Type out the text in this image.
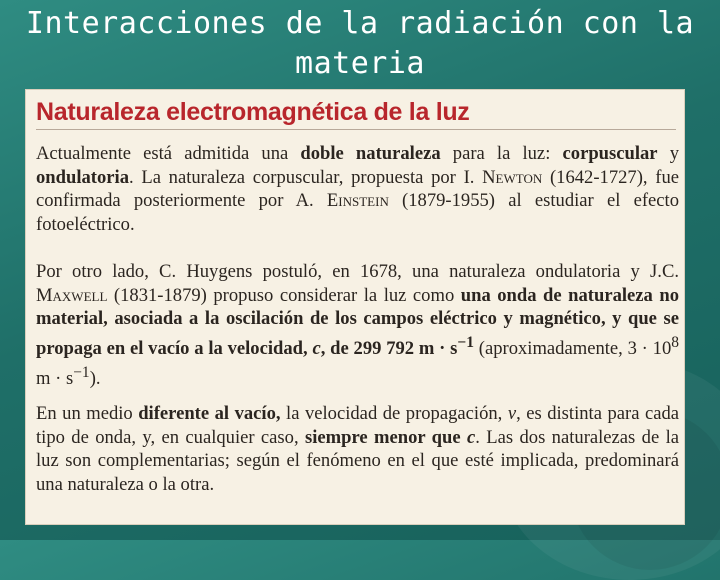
Interacciones de la radiación con la materia
Naturaleza electromagnética de la luz

Actualmente está admitida una doble naturaleza para la luz: corpuscular y ondulatoria. La naturaleza corpuscular, propuesta por I. Newton (1642-1727), fue confirmada posteriormente por A. Einstein (1879-1955) al estudiar el efecto fotoeléctrico.

Por otro lado, C. Huygens postuló, en 1678, una naturaleza ondulatoria y J.C. Maxwell (1831-1879) propuso considerar la luz como una onda de naturaleza no material, asociada a la oscilación de los campos eléctrico y magnético, y que se propaga en el vacío a la velocidad, c, de 299 792 $m \cdot s^{-1}$ (aproximadamente, $3 \cdot 10^8$ $m \cdot s^{-1}$).

En un medio diferente al vacío, la velocidad de propagación, v, es distinta para cada tipo de onda, y, en cualquier caso, siempre menor que c. Las dos naturalezas de la luz son complementarias; según el fenómeno en el que esté implicada, predominará una naturaleza o la otra.
